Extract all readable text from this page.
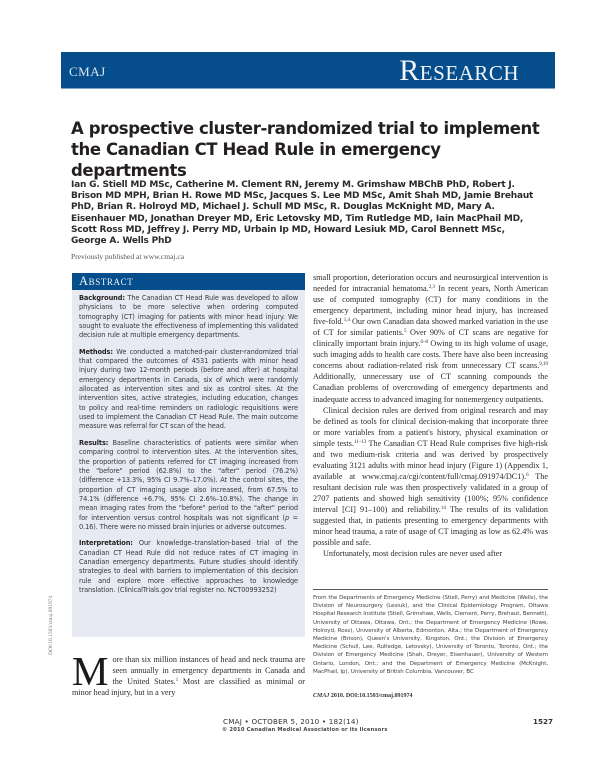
CMAJ	Research
A prospective cluster-randomized trial to implement the Canadian CT Head Rule in emergency departments
Ian G. Stiell MD MSc, Catherine M. Clement RN, Jeremy M. Grimshaw MBChB PhD, Robert J. Brison MD MPH, Brian H. Rowe MD MSc, Jacques S. Lee MD MSc, Amit Shah MD, Jamie Brehaut PhD, Brian R. Holroyd MD, Michael J. Schull MD MSc, R. Douglas McKnight MD, Mary A. Eisenhauer MD, Jonathan Dreyer MD, Eric Letovsky MD, Tim Rutledge MD, Iain MacPhail MD, Scott Ross MD, Jeffrey J. Perry MD, Urbain Ip MD, Howard Lesiuk MD, Carol Bennett MSc, George A. Wells PhD
Previously published at www.cmaj.ca
Abstract

Background: The Canadian CT Head Rule was developed to allow physicians to be more selective when ordering computed tomography (CT) imaging for patients with minor head injury. We sought to evaluate the effectiveness of implementing this validated decision rule at multiple emergency departments.

Methods: We conducted a matched-pair cluster-randomized trial that compared the outcomes of 4531 patients with minor head injury during two 12-month periods (before and after) at hospital emergency departments in Canada, six of which were randomly allocated as intervention sites and six as control sites. At the intervention sites, active strategies, including education, changes to policy and real-time reminders on radiologic requisitions were used to implement the Canadian CT Head Rule. The main outcome measure was referral for CT scan of the head.

Results: Baseline characteristics of patients were similar when comparing control to intervention sites. At the intervention sites, the proportion of patients referred for CT imaging increased from the "before" period (62.8%) to the "after" period (76.2%) (difference +13.3%, 95% CI 9.7%–17.0%). At the control sites, the proportion of CT imaging usage also increased, from 67.5% to 74.1% (difference +6.7%, 95% CI 2.6%–10.8%). The change in mean imaging rates from the "before" period to the "after" period for intervention versus control hospitals was not significant (p = 0.16). There were no missed brain injuries or adverse outcomes.

Interpretation: Our knowledge–translation-based trial of the Canadian CT Head Rule did not reduce rates of CT imaging in Canadian emergency departments. Future studies should identify strategies to deal with barriers to implementation of this decision rule and explore more effective approaches to knowledge translation. (ClinicalTrials.gov trial register no. NCT00993252)

DOI:10.1503/cmaj.091974
More than six million instances of head and neck trauma are seen annually in emergency departments in Canada and the United States.$^1$ Most are classified as minimal or minor head injury, but in a very

small proportion, deterioration occurs and neurosurgical intervention is needed for intracranial hematoma.$^{2,3}$ In recent years, North American use of computed tomography (CT) for many conditions in the emergency department, including minor head injury, has increased five-fold.$^{1,4}$ Our own Canadian data showed marked variation in the use of CT for similar patients.$^5$ Over 90% of CT scans are negative for clinically important brain injury.$^{6-8}$ Owing to its high volume of usage, such imaging adds to health care costs. There have also been increasing concerns about radiation-related risk from unnecessary CT scans.$^{9,10}$ Additionally, unnecessary use of CT scanning compounds the Canadian problems of overcrowding of emergency departments and inadequate access to advanced imaging for nonemergency outpatients.

Clinical decision rules are derived from original research and may be defined as tools for clinical decision-making that incorporate three or more variables from a patient's history, physical examination or simple tests.$^{11-13}$ The Canadian CT Head Rule comprises five high-risk and two medium-risk criteria and was derived by prospectively evaluating 3121 adults with minor head injury (Figure 1) (Appendix 1, available at www.cmaj.ca/cgi/content/full/cmaj.091974/DC1).$^6$ The resultant decision rule was then prospectively validated in a group of 2707 patients and showed high sensitivity (100%; 95% confidence interval [CI] 91–100) and reliability.$^{14}$ The results of its validation suggested that, in patients presenting to emergency departments with minor head trauma, a rate of usage of CT imaging as low as 62.4% was possible and safe.

Unfortunately, most decision rules are never used after

From the Departments of Emergency Medicine (Stiell, Perry) and Medicine (Wells), the Division of Neurosurgery (Lesiuk), and the Clinical Epidemiology Program, Ottawa Hospital Research Institute (Stiell, Grimshaw, Wells, Clement, Perry, Brehaut, Bennett), University of Ottawa, Ottawa, Ont.; the Department of Emergency Medicine (Rowe, Holroyd, Ross), University of Alberta, Edmonton, Alta.; the Department of Emergency Medicine (Brison), Queen's University, Kingston, Ont.; the Division of Emergency Medicine (Schull, Lee, Rutledge, Letovsky), University of Toronto, Toronto, Ont.; the Division of Emergency Medicine (Shah, Dreyer, Eisenhauer), University of Western Ontario, London, Ont.; and the Department of Emergency Medicine (McKnight, MacPhail, Ip), University of British Columbia, Vancouver, BC
CMAJ 2010. DOI:10.1503/cmaj.091974
CMAJ • OCTOBER 5, 2010 • 182(14)	1527
© 2010 Canadian Medical Association or its licensors
